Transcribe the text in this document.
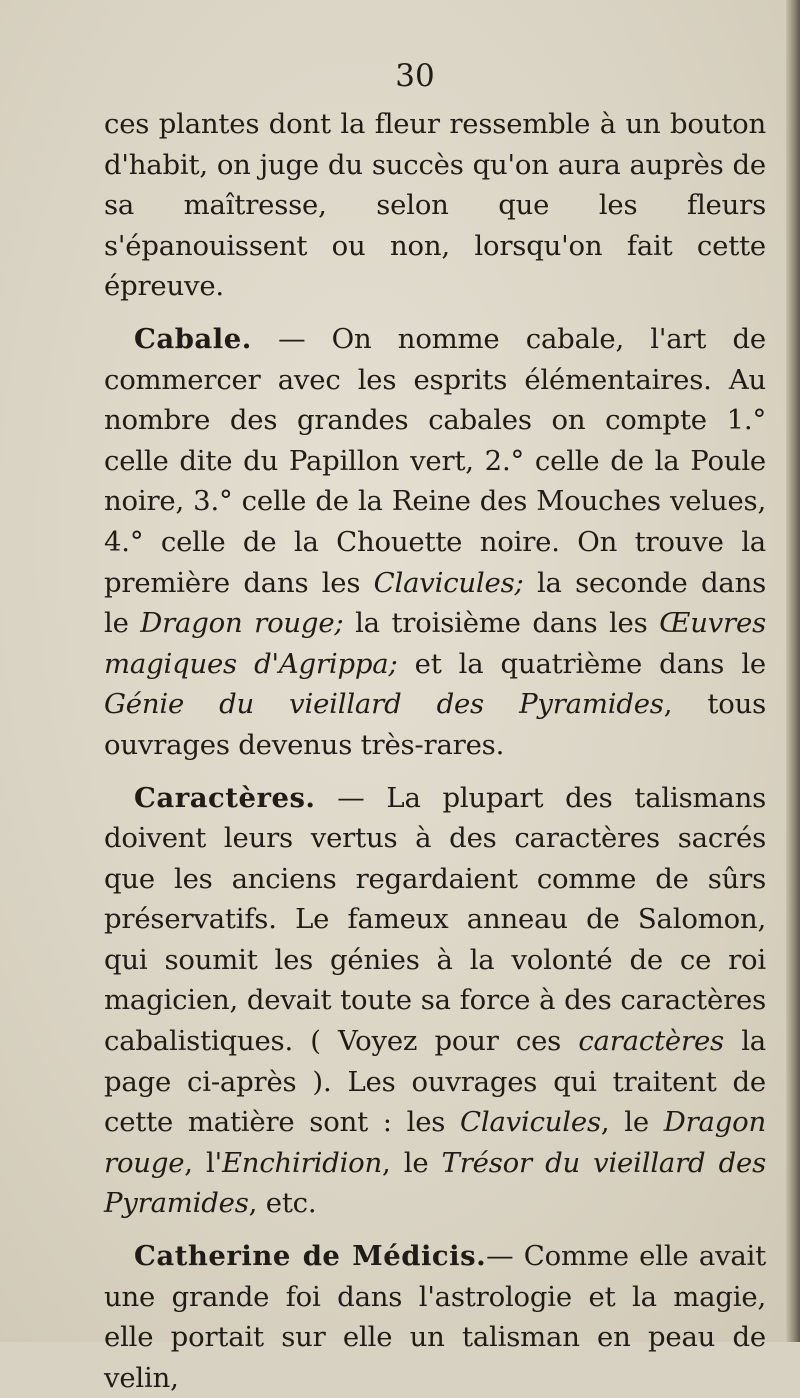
30

ces plantes dont la fleur ressemble à un bouton d'habit, on juge du succès qu'on aura auprès de sa maîtresse, selon que les fleurs s'épanouissent ou non, lorsqu'on fait cette épreuve.

Cabale. — On nomme cabale, l'art de commercer avec les esprits élémentaires. Au nombre des grandes cabales on compte 1.° celle dite du Papillon vert, 2.° celle de la Poule noire, 3.° celle de la Reine des Mouches velues, 4.° celle de la Chouette noire. On trouve la première dans les Clavicules; la seconde dans le Dragon rouge; la troisième dans les Œuvres magiques d'Agrippa; et la quatrième dans le Génie du vieillard des Pyramides, tous ouvrages devenus très-rares.

Caractères. — La plupart des talismans doivent leurs vertus à des caractères sacrés que les anciens regardaient comme de sûrs préservatifs. Le fameux anneau de Salomon, qui soumit les génies à la volonté de ce roi magicien, devait toute sa force à des caractères cabalistiques. ( Voyez pour ces caractères la page ci-après ). Les ouvrages qui traitent de cette matière sont : les Clavicules, le Dragon rouge, l'Enchiridion, le Trésor du vieillard des Pyramides, etc.

Catherine de Médicis.— Comme elle avait une grande foi dans l'astrologie et la magie, elle portait sur elle un talisman en peau de velin,
